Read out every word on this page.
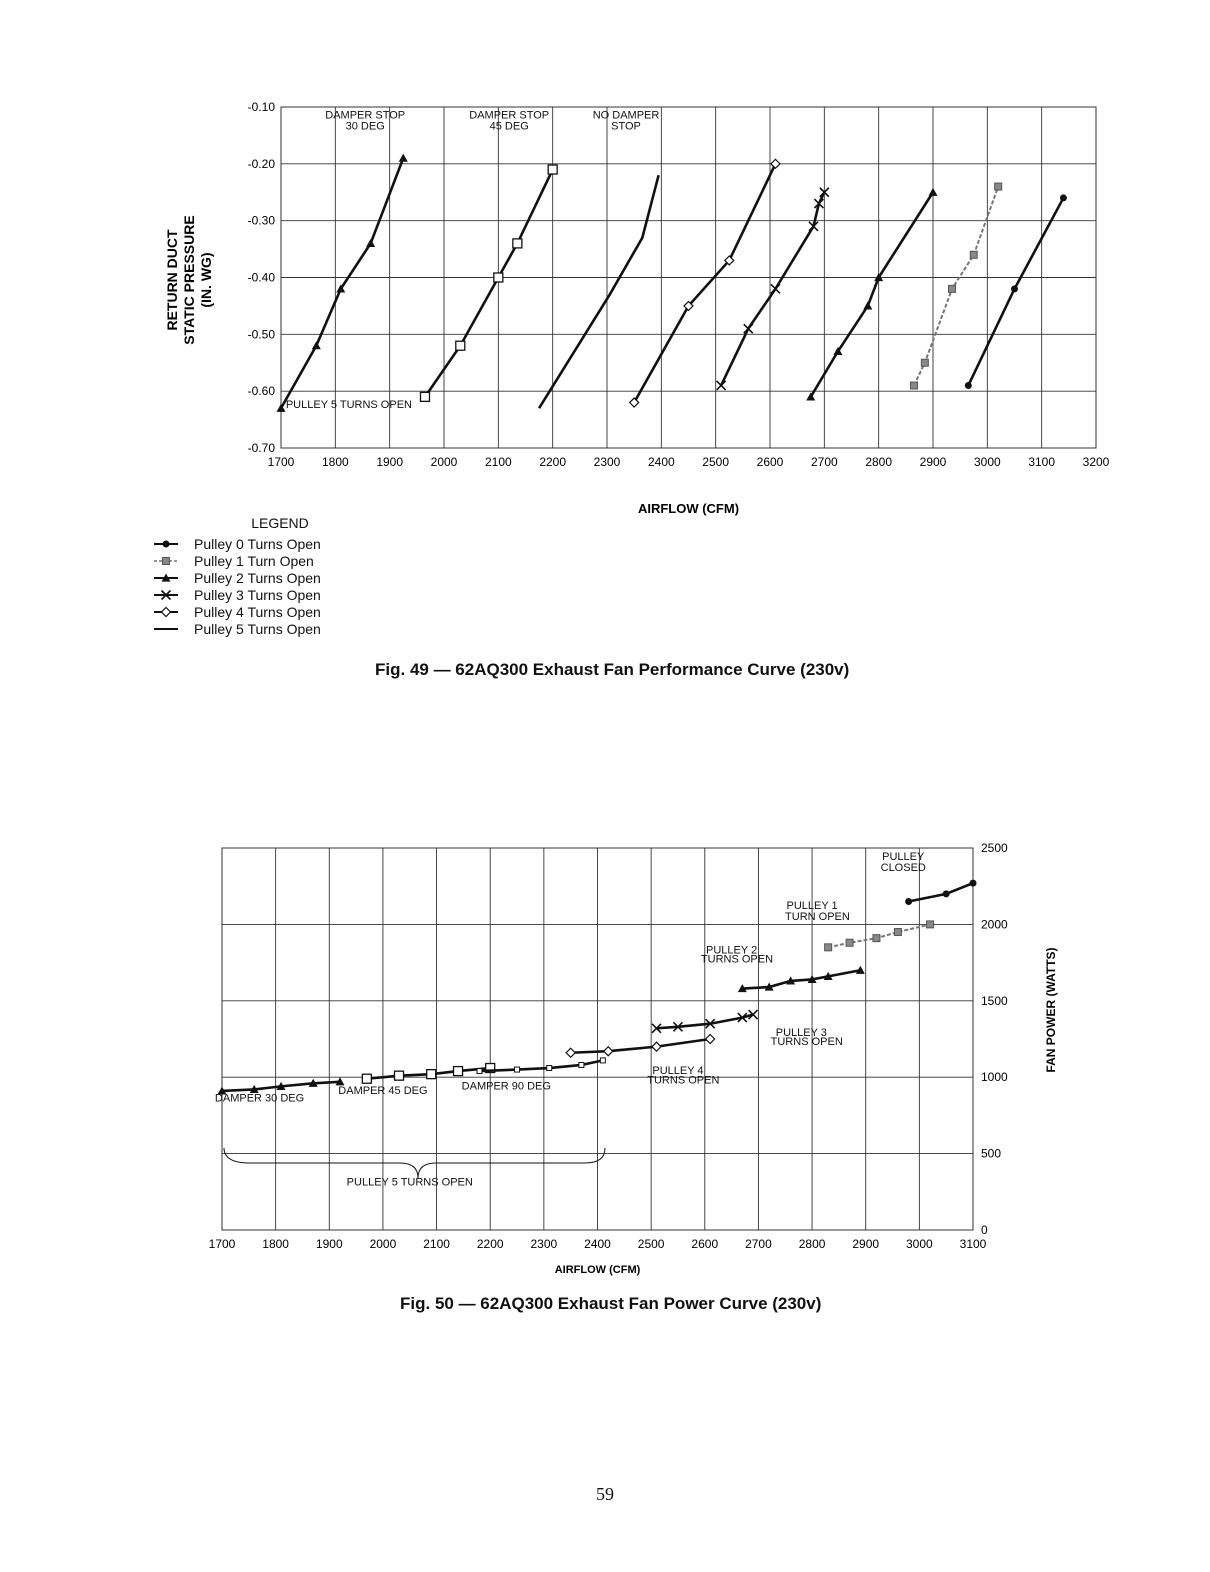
1700 1800 1900 2000 2100 2200 2300 2400 2500 2600 2700 2800 2900 3000 3100 3200
-0.10
-0.20
-0.30
-0.40
-0.50
-0.60
-0.70
DAMPER STOP
30 DEG
DAMPER STOP
45 DEG
NO DAMPER
STOP
PULLEY 5 TURNS OPEN
AIRFLOW (CFM)
RETURN DUCT STATIC PRESSURE (IN. WG)
1700 1800 1900 2000 2100 2200 2300 2400 2500 2600 2700 2800 2900 3000 3100
0
500
1000
1500
2000
2500
DAMPER 30 DEG
DAMPER 45 DEG	DAMPER 90 DEG
PULLEY 5 TURNS OPEN
PULLEY 4
TURNS OPEN
PULLEY 3
TURNS OPEN
PULLEY 2
TURNS OPEN
PULLEY 1
TURN OPEN
PULLEY
CLOSED
AIRFLOW (CFM)
FAN POWER (WATTS)
LEGEND
Pulley 0 Turns Open
Pulley 1 Turn Open
Pulley 2 Turns Open
Pulley 3 Turns Open
Pulley 4 Turns Open
Pulley 5 Turns Open
Fig. 49 — 62AQ300 Exhaust Fan Performance Curve (230v)
Fig. 50 — 62AQ300 Exhaust Fan Power Curve (230v)
59
